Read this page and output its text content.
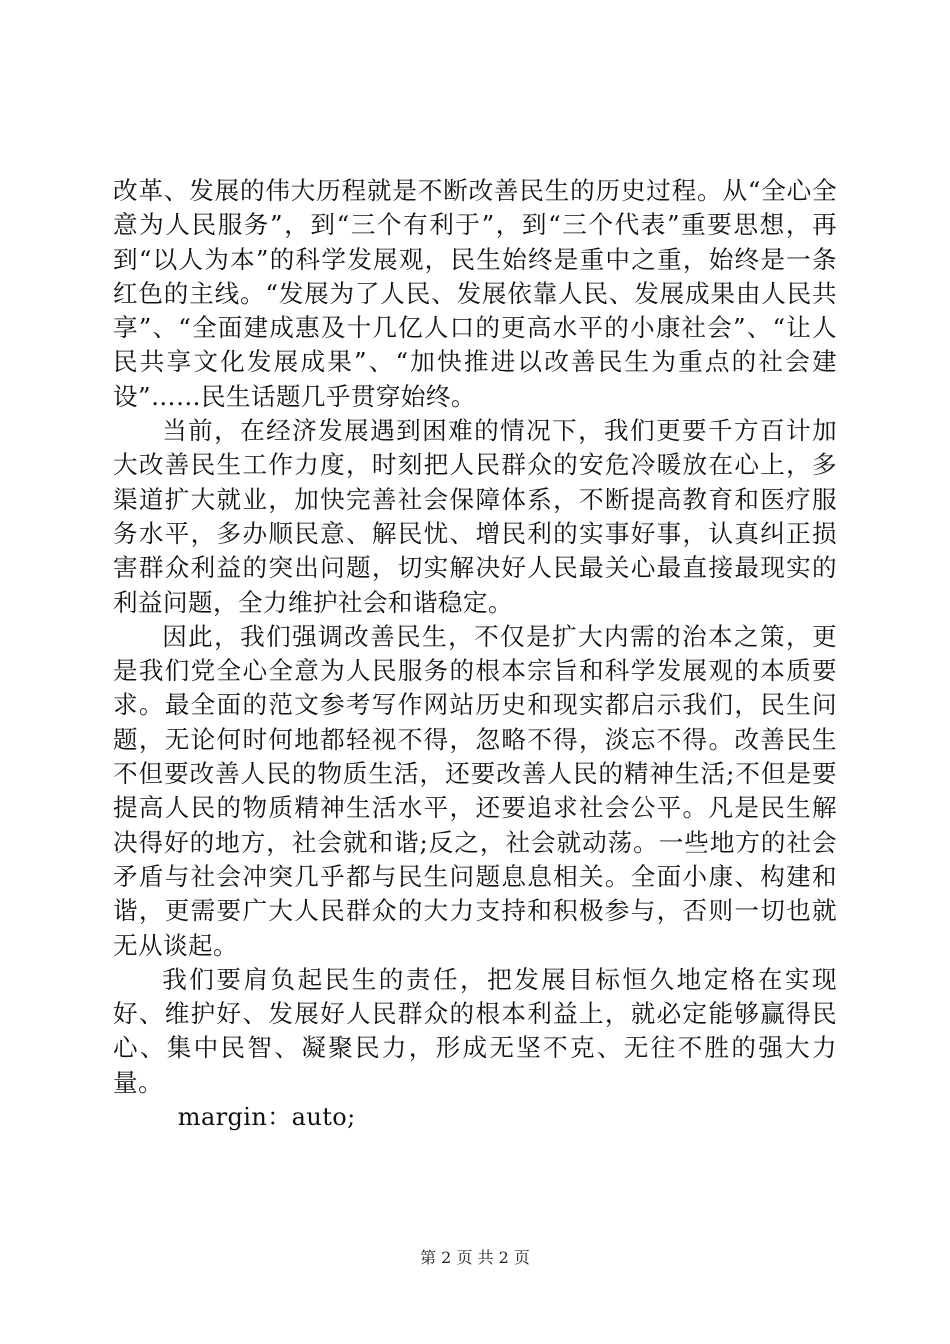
改革、发展的伟大历程就是不断改善民生的历史过程。从“全心全意为人民服务”，到“三个有利于”，到“三个代表”重要思想，再到“以人为本”的科学发展观，民生始终是重中之重，始终是一条红色的主线。“发展为了人民、发展依靠人民、发展成果由人民共享”、“全面建成惠及十几亿人口的更高水平的小康社会”、“让人民共享文化发展成果”、“加快推进以改善民生为重点的社会建设”……民生话题几乎贯穿始终。

当前，在经济发展遇到困难的情况下，我们更要千方百计加大改善民生工作力度，时刻把人民群众的安危冷暖放在心上，多渠道扩大就业，加快完善社会保障体系，不断提高教育和医疗服务水平，多办顺民意、解民忧、增民利的实事好事，认真纠正损害群众利益的突出问题，切实解决好人民最关心最直接最现实的利益问题，全力维护社会和谐稳定。

因此，我们强调改善民生，不仅是扩大内需的治本之策，更是我们党全心全意为人民服务的根本宗旨和科学发展观的本质要求。最全面的范文参考写作网站历史和现实都启示我们，民生问题，无论何时何地都轻视不得，忽略不得，淡忘不得。改善民生不但要改善人民的物质生活，还要改善人民的精神生活;不但是要提高人民的物质精神生活水平，还要追求社会公平。凡是民生解决得好的地方，社会就和谐;反之，社会就动荡。一些地方的社会矛盾与社会冲突几乎都与民生问题息息相关。全面小康、构建和谐，更需要广大人民群众的大力支持和积极参与，否则一切也就无从谈起。

我们要肩负起民生的责任，把发展目标恒久地定格在实现好、维护好、发展好人民群众的根本利益上，就必定能够赢得民心、集中民智、凝聚民力，形成无坚不克、无往不胜的强大力量。

margin：auto;

第 2 页 共 2 页
